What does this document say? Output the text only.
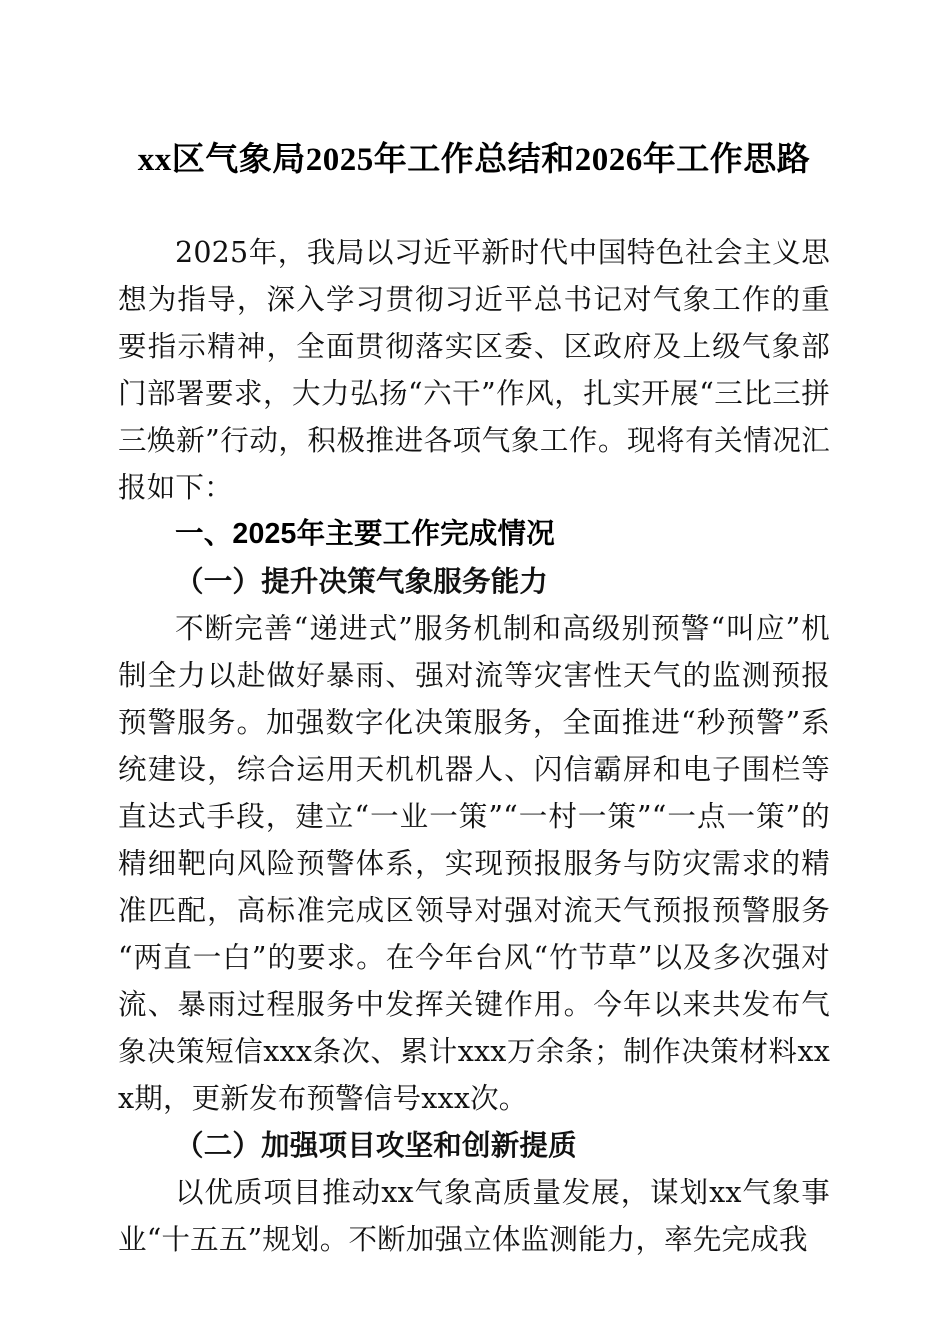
xx区气象局2025年工作总结和2026年工作思路

2025年，我局以习近平新时代中国特色社会主义思想为指导，深入学习贯彻习近平总书记对气象工作的重要指示精神，全面贯彻落实区委、区政府及上级气象部门部署要求，大力弘扬“六干”作风，扎实开展“三比三拼三焕新”行动，积极推进各项气象工作。现将有关情况汇报如下：

一、2025年主要工作完成情况
（一）提升决策气象服务能力

不断完善“递进式”服务机制和高级别预警“叫应”机制全力以赴做好暴雨、强对流等灾害性天气的监测预报预警服务。加强数字化决策服务，全面推进“秒预警”系统建设，综合运用天机机器人、闪信霸屏和电子围栏等直达式手段，建立“一业一策”“一村一策”“一点一策”的精细靶向风险预警体系，实现预报服务与防灾需求的精准匹配，高标准完成区领导对强对流天气预报预警服务“两直一白”的要求。在今年台风“竹节草”以及多次强对流、暴雨过程服务中发挥关键作用。今年以来共发布气象决策短信xxx条次、累计xxx万余条；制作决策材料xxx期，更新发布预警信号xxx次。

（二）加强项目攻坚和创新提质

以优质项目推动xx气象高质量发展，谋划xx气象事业“十五五”规划。不断加强立体监测能力，率先完成我
